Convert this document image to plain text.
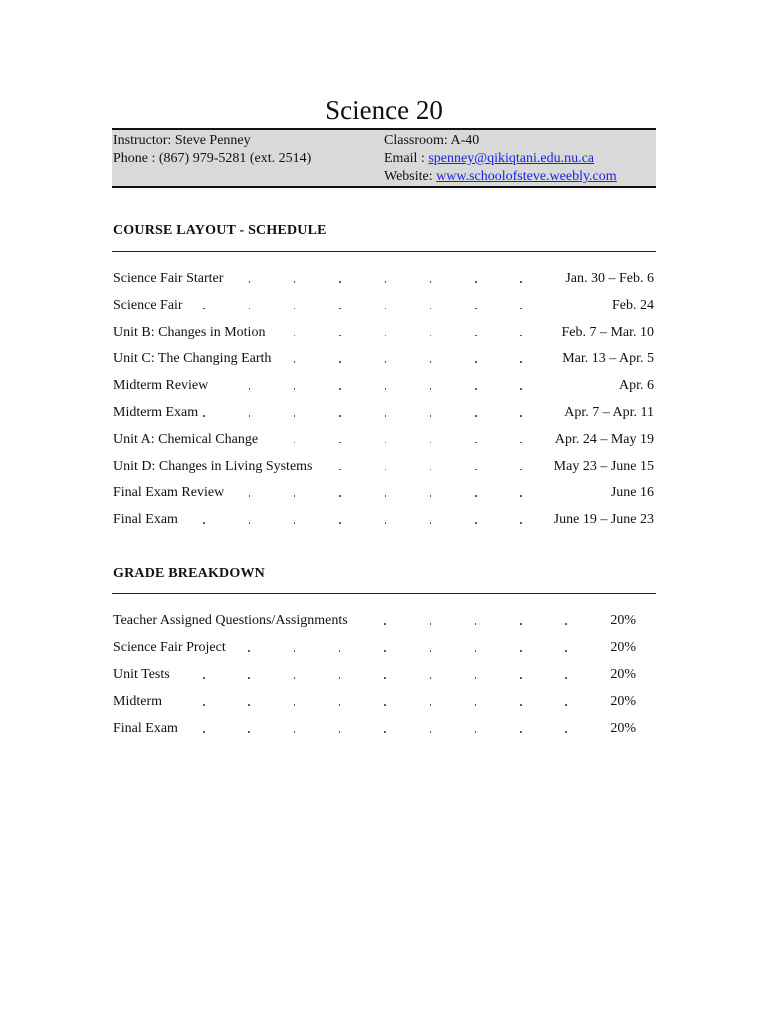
Science 20
Instructor: Steve Penney
Phone : (867) 979-5281 (ext. 2514)
Classroom: A-40
Email : spenney@qikiqtani.edu.nu.ca
Website: www.schoolofsteve.weebly.com
COURSE LAYOUT - SCHEDULE
Science Fair Starter	Jan. 30 – Feb. 6
Science Fair	Feb. 24
Unit B: Changes in Motion	Feb. 7 – Mar. 10
Unit C: The Changing Earth	Mar. 13 – Apr. 5
Midterm Review	Apr. 6
Midterm Exam	Apr. 7 – Apr. 11
Unit A: Chemical Change	Apr. 24 – May 19
Unit D: Changes in Living Systems	May 23 – June 15
Final Exam Review	June 16
Final Exam	June 19 – June 23
GRADE BREAKDOWN
Teacher Assigned Questions/Assignments	20%
Science Fair Project	20%
Unit Tests	20%
Midterm	20%
Final Exam	20%
